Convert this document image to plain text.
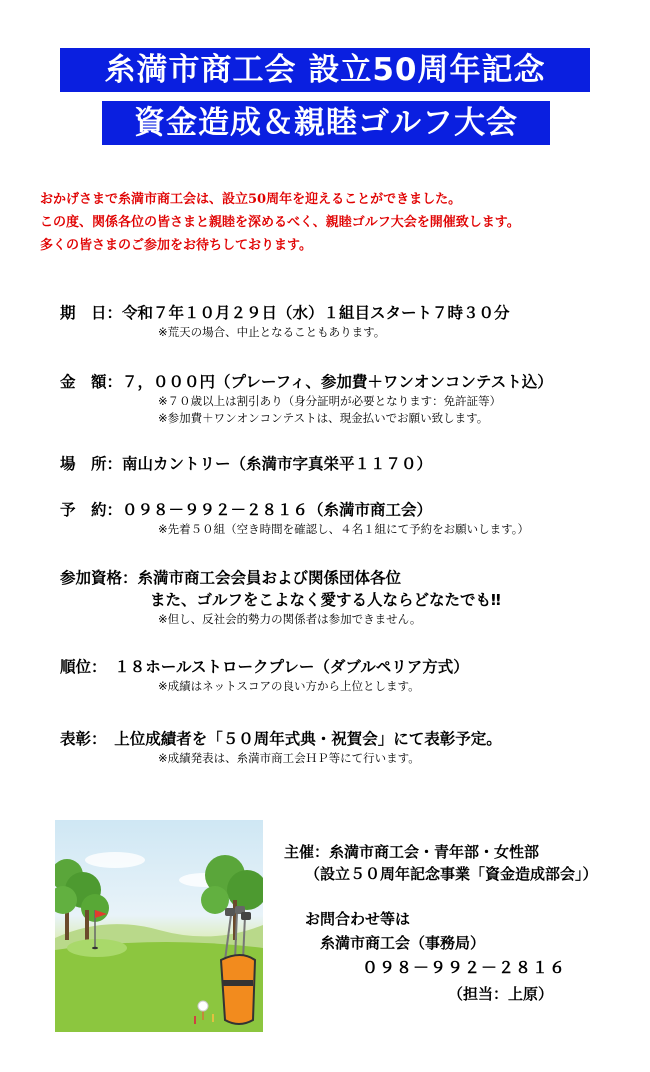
糸満市商工会 設立50周年記念
資金造成＆親睦ゴルフ大会
おかげさまで糸満市商工会は、設立50周年を迎えることができました。
この度、関係各位の皆さまと親睦を深めるべく、親睦ゴルフ大会を開催致します。
多くの皆さまのご参加をお待ちしております。
期　日：令和７年１０月２９日（水）１組目スタート７時３０分
※荒天の場合、中止となることもあります。
金　額：７，０００円（プレーフィ、参加費＋ワンオンコンテスト込）
※７０歳以上は割引あり（身分証明が必要となります：免許証等）
※参加費＋ワンオンコンテストは、現金払いでお願い致します。
場　所：南山カントリー（糸満市字真栄平１１７０）
予　約：０９８－９９２－２８１６（糸満市商工会）
※先着５０組（空き時間を確認し、４名１組にて予約をお願いします。）
参加資格：糸満市商工会会員および関係団体各位
また、ゴルフをこよなく愛する人ならどなたでも‼
※但し、反社会的勢力の関係者は参加できません。
順位：　１８ホールストロークプレー（ダブルペリア方式）
※成績はネットスコアの良い方から上位とします。
表彰：　上位成績者を「５０周年式典・祝賀会」にて表彰予定。
※成績発表は、糸満市商工会ＨＰ等にて行います。
主催：糸満市商工会・青年部・女性部
（設立５０周年記念事業「資金造成部会」）
お問合わせ等は
糸満市商工会（事務局）
０９８－９９２－２８１６
（担当：上原）
